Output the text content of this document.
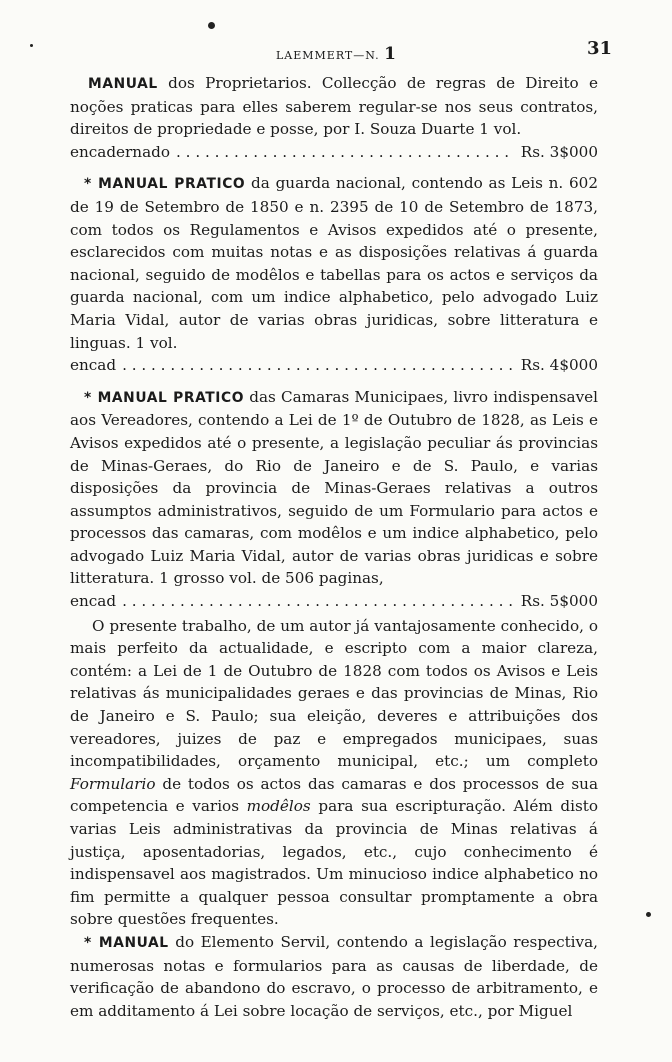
LAEMMERT—N. 1	31

MANUAL dos Proprietarios. Collecção de regras de Direito e noções praticas para elles saberem regular-se nos seus contratos, direitos de propriedade e posse, por I. Souza Duarte 1 vol.

encadernado . . .	Rs. 3$000

* MANUAL PRATICO da guarda nacional, contendo as Leis n. 602 de 19 de Setembro de 1850 e n. 2395 de 10 de Setembro de 1873, com todos os Regulamentos e Avisos expedidos até o presente, esclarecidos com muitas notas e as disposições relativas á guarda nacional, seguido de modêlos e tabellas para os actos e serviços da guarda nacional, com um indice alphabetico, pelo advogado Luiz Maria Vidal, autor de varias obras juridicas, sobre litteratura e linguas. 1 vol.

encad . . .	Rs. 4$000

* MANUAL PRATICO das Camaras Municipaes, livro indispensavel aos Vereadores, contendo a Lei de 1º de Outubro de 1828, as Leis e Avisos expedidos até o presente, a legislação peculiar ás provincias de Minas-Geraes, do Rio de Janeiro e de S. Paulo, e varias disposições da provincia de Minas-Geraes relativas a outros assumptos administrativos, seguido de um Formulario para actos e processos das camaras, com modêlos e um indice alphabetico, pelo advogado Luiz Maria Vidal, autor de varias obras juridicas e sobre litteratura. 1 grosso vol. de 506 paginas,

encad . . .	Rs. 5$000

O presente trabalho, de um autor já vantajosamente conhecido, o mais perfeito da actualidade, e escripto com a maior clareza, contém: a Lei de 1 de Outubro de 1828 com todos os Avisos e Leis relativas ás municipalidades geraes e das provincias de Minas, Rio de Janeiro e S. Paulo; sua eleição, deveres e attribuições dos vereadores, juizes de paz e empregados municipaes, suas incompatibilidades, orçamento municipal, etc.; um completo Formulario de todos os actos das camaras e dos processos de sua competencia e varios modêlos para sua escripturação. Além disto varias Leis administrativas da provincia de Minas relativas á justiça, aposentadorias, legados, etc., cujo conhecimento é indispensavel aos magistrados. Um minucioso indice alphabetico no fim permitte a qualquer pessoa consultar promptamente a obra sobre questões frequentes.

* MANUAL do Elemento Servil, contendo a legislação respectiva, numerosas notas e formularios para as causas de liberdade, de verificação de abandono do escravo, o processo de arbitramento, e em additamento á Lei sobre locação de serviços, etc., por Miguel
